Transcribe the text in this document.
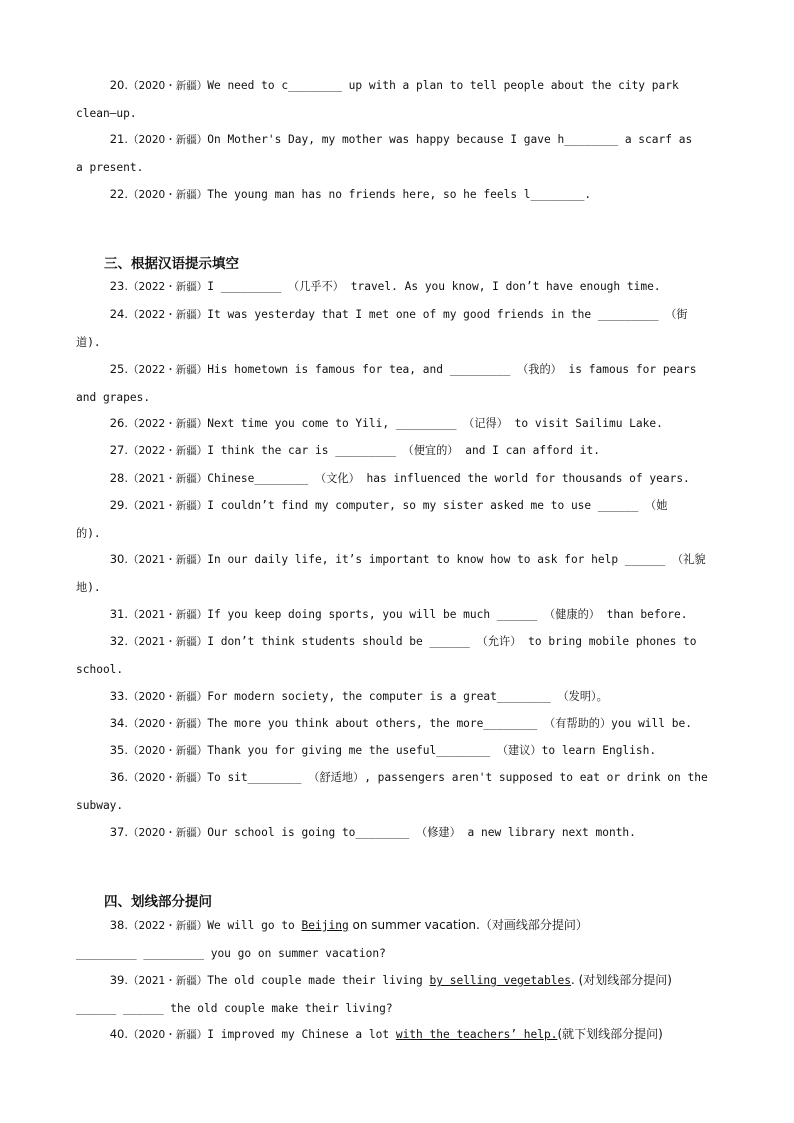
20.（2020・新疆）We need to c________ up with a plan to tell people about the city park
clean—up.
21.（2020・新疆）On Mother's Day, my mother was happy because I gave h________ a scarf as
a present.
22.（2020・新疆）The young man has no friends here, so he feels l________.
三、根据汉语提示填空
23.（2022・新疆）I _________ （几乎不） travel. As you know, I don’t have enough time.
24.（2022・新疆）It was yesterday that I met one of my good friends in the _________ （街
道).
25.（2022・新疆）His hometown is famous for tea, and _________ （我的） is famous for pears
and grapes.
26.（2022・新疆）Next time you come to Yili, _________ （记得） to visit Sailimu Lake.
27.（2022・新疆）I think the car is _________ （便宜的） and I can afford it.
28.（2021・新疆）Chinese________ （文化） has influenced the world for thousands of years.
29.（2021・新疆）I couldn’t find my computer, so my sister asked me to use ______ （她
的).
30.（2021・新疆）In our daily life, it’s important to know how to ask for help ______ （礼貌
地).
31.（2021・新疆）If you keep doing sports, you will be much ______ （健康的） than before.
32.（2021・新疆）I don’t think students should be ______ （允许） to bring mobile phones to
school.
33.（2020・新疆）For modern society, the computer is a great________ （发明）。
34.（2020・新疆）The more you think about others, the more________ （有帮助的）you will be.
35.（2020・新疆）Thank you for giving me the useful________ （建议）to learn English.
36.（2020・新疆）To sit________ （舒适地）, passengers aren't supposed to eat or drink on the
subway.
37.（2020・新疆）Our school is going to________ （修建） a new library next month.
四、划线部分提问
38.（2022・新疆）We will go to Beijing on summer vacation.（对画线部分提问）
_________ _________ you go on summer vacation?
39.（2021・新疆）The old couple made their living by selling vegetables. (对划线部分提问)
______ ______ the old couple make their living?
40.（2020・新疆）I improved my Chinese a lot with the teachers’ help.(就下划线部分提问)
